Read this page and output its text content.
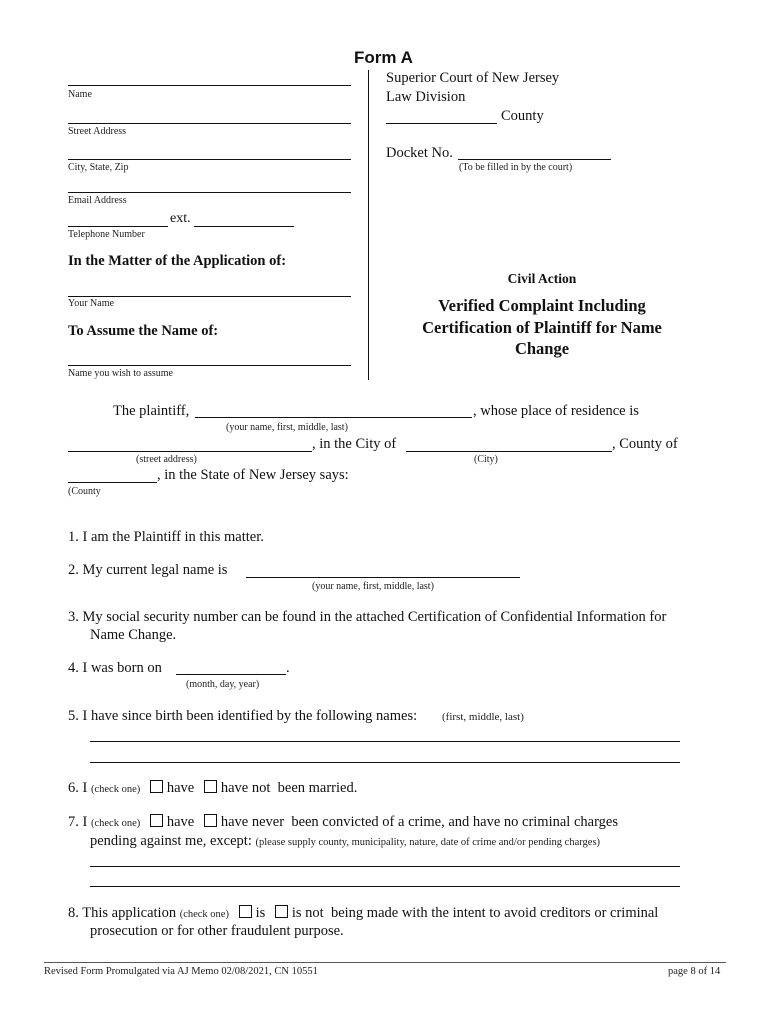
Form A
Name
Street Address
City, State, Zip
Email Address
ext.
Telephone Number
In the Matter of the Application of:
Your Name
To Assume the Name of:
Name you wish to assume
Superior Court of New Jersey
Law Division
County
Docket No.
(To be filled in by the court)
Civil Action
Verified Complaint Including
Certification of Plaintiff for Name
Change
The plaintiff,	, whose place of residence is
(your name, first, middle, last)
, in the City of	, County of
(street address)	(City)
, in the State of New Jersey says:
(County
1. I am the Plaintiff in this matter.
2. My current legal name is
(your name, first, middle, last)
3. My social security number can be found in the attached Certification of Confidential Information for
Name Change.
4. I was born on	.
(month, day, year)
5. I have since birth been identified by the following names: (first, middle, last)
6. I (check one) have have not been married.
7. I (check one) have have never been convicted of a crime, and have no criminal charges
pending against me, except: (please supply county, municipality, nature, date of crime and/or pending charges)
8. This application (check one) is is not being made with the intent to avoid creditors or criminal
prosecution or for other fraudulent purpose.
Revised Form Promulgated via AJ Memo 02/08/2021, CN 10551	page 8 of 14
